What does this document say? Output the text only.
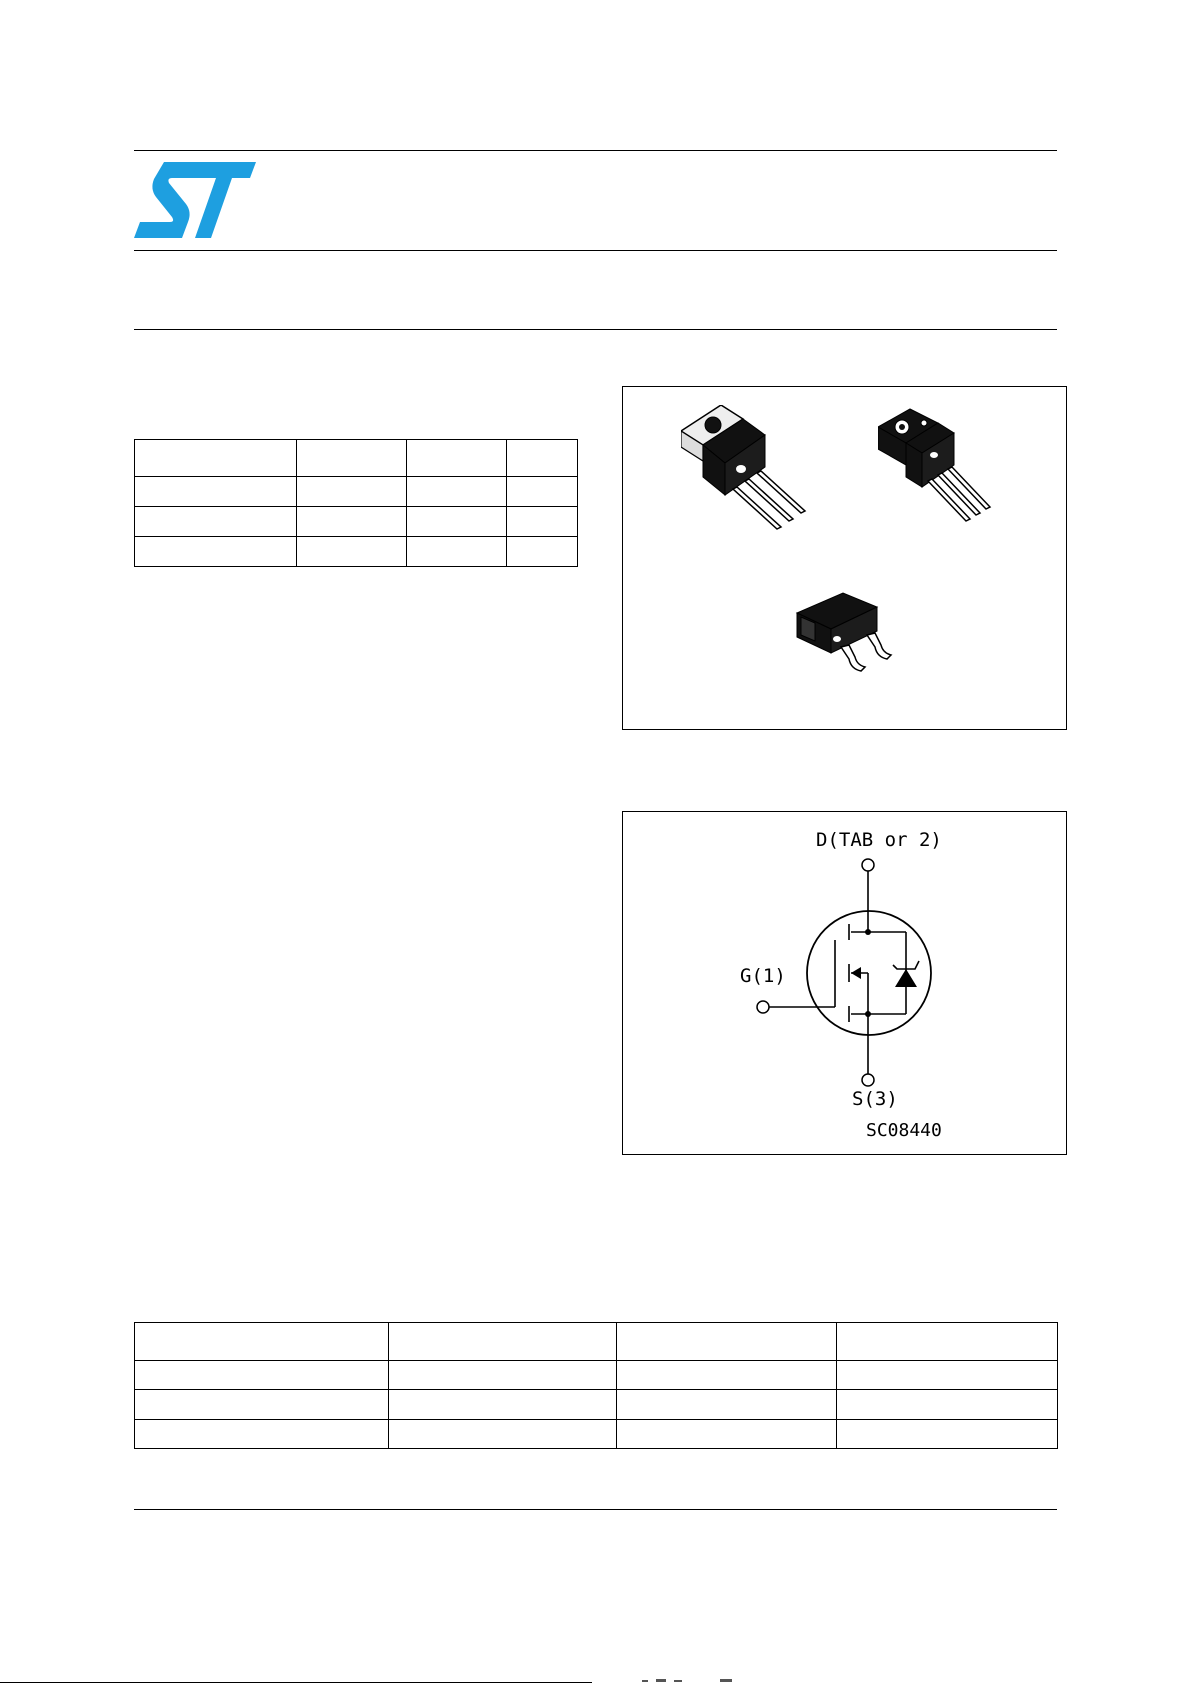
D(TAB or 2)
G(1)
S(3)
SC08440
